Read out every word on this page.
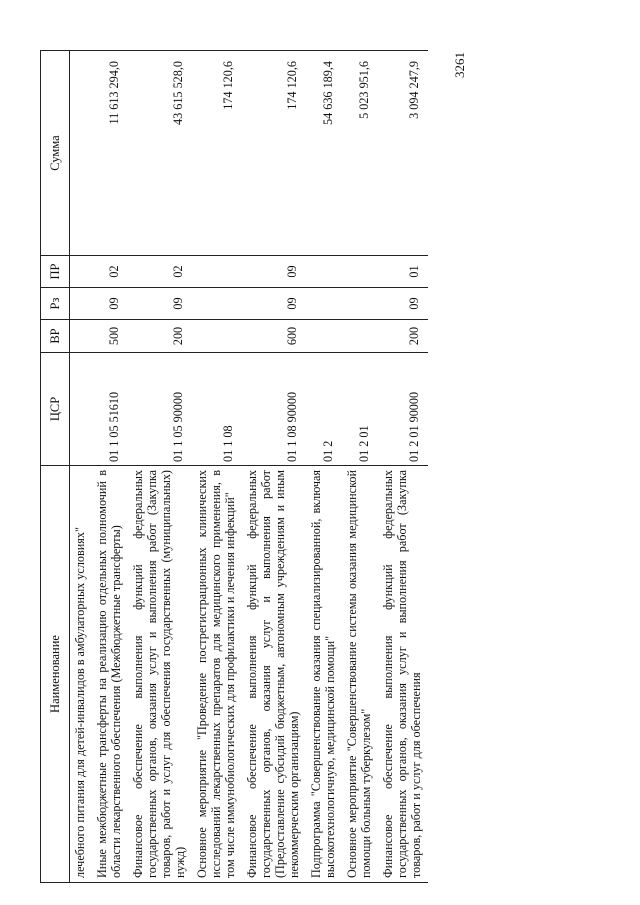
3261
Наименование	ЦСР	ВР	Рз	ПР	Сумма
лечебного питания для детей-инвалидов в амбулаторных условиях"					
Иные межбюджетные трансферты на реализацию отдельных полномочий в области лекарственного обеспечения (Межбюджетные трансферты)	01 1 05 51610	500	09	02	11 613 294,0
Финансовое обеспечение выполнения функций федеральных государственных органов, оказания услуг и выполнения работ (Закупка товаров, работ и услуг для обеспечения государственных (муниципальных) нужд)	01 1 05 90000	200	09	02	43 615 528,0
Основное мероприятие "Проведение пострегистрационных клинических исследований лекарственных препаратов для медицинского применения, в том числе иммунобиологических для профилактики и лечения инфекций"	01 1 08				174 120,6
Финансовое обеспечение выполнения функций федеральных государственных органов, оказания услуг и выполнения работ (Предоставление субсидий бюджетным, автономным учреждениям и иным некоммерческим организациям)	01 1 08 90000	600	09	09	174 120,6
Подпрограмма "Совершенствование оказания специализированной, включая высокотехнологичную, медицинской помощи"	01 2				54 636 189,4
Основное мероприятие "Совершенствование системы оказания медицинской помощи больным туберкулезом"	01 2 01				5 023 951,6
Финансовое обеспечение выполнения функций федеральных государственных органов, оказания услуг и выполнения работ (Закупка товаров, работ и услуг для обеспечения	01 2 01 90000	200	09	01	3 094 247,9
